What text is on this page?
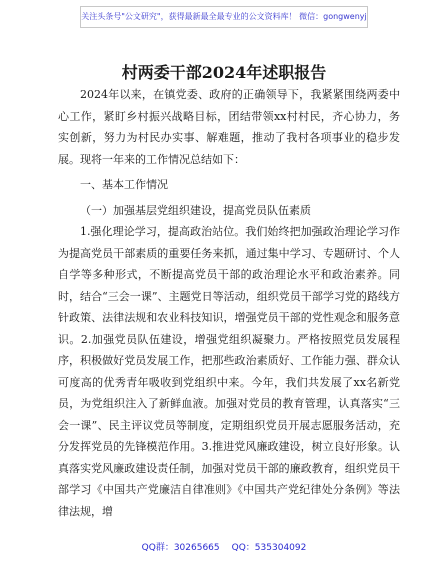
关注头条号"公文研究"，获得最新最全最专业的公文资料库！ 微信：gongwenyj
村两委干部2024年述职报告

2024年以来，在镇党委、政府的正确领导下，我紧紧围绕两委中心工作，紧盯乡村振兴战略目标，团结带领xx村村民，齐心协力，务实创新，努力为村民办实事、解难题，推动了我村各项事业的稳步发展。现将一年来的工作情况总结如下：

一、基本工作情况

（一）加强基层党组织建设，提高党员队伍素质

1.强化理论学习，提高政治站位。我们始终把加强政治理论学习作为提高党员干部素质的重要任务来抓，通过集中学习、专题研讨、个人自学等多种形式，不断提高党员干部的政治理论水平和政治素养。同时，结合“三会一课”、主题党日等活动，组织党员干部学习党的路线方针政策、法律法规和农业科技知识，增强党员干部的党性观念和服务意识。2.加强党员队伍建设，增强党组织凝聚力。严格按照党员发展程序，积极做好党员发展工作，把那些政治素质好、工作能力强、群众认可度高的优秀青年吸收到党组织中来。今年，我们共发展了xx名新党员，为党组织注入了新鲜血液。加强对党员的教育管理，认真落实“三会一课”、民主评议党员等制度，定期组织党员开展志愿服务活动，充分发挥党员的先锋模范作用。3.推进党风廉政建设，树立良好形象。认真落实党风廉政建设责任制，加强对党员干部的廉政教育，组织党员干部学习《中国共产党廉洁自律准则》《中国共产党纪律处分条例》等法律法规，增

QQ群：30265665 QQ：535304092
